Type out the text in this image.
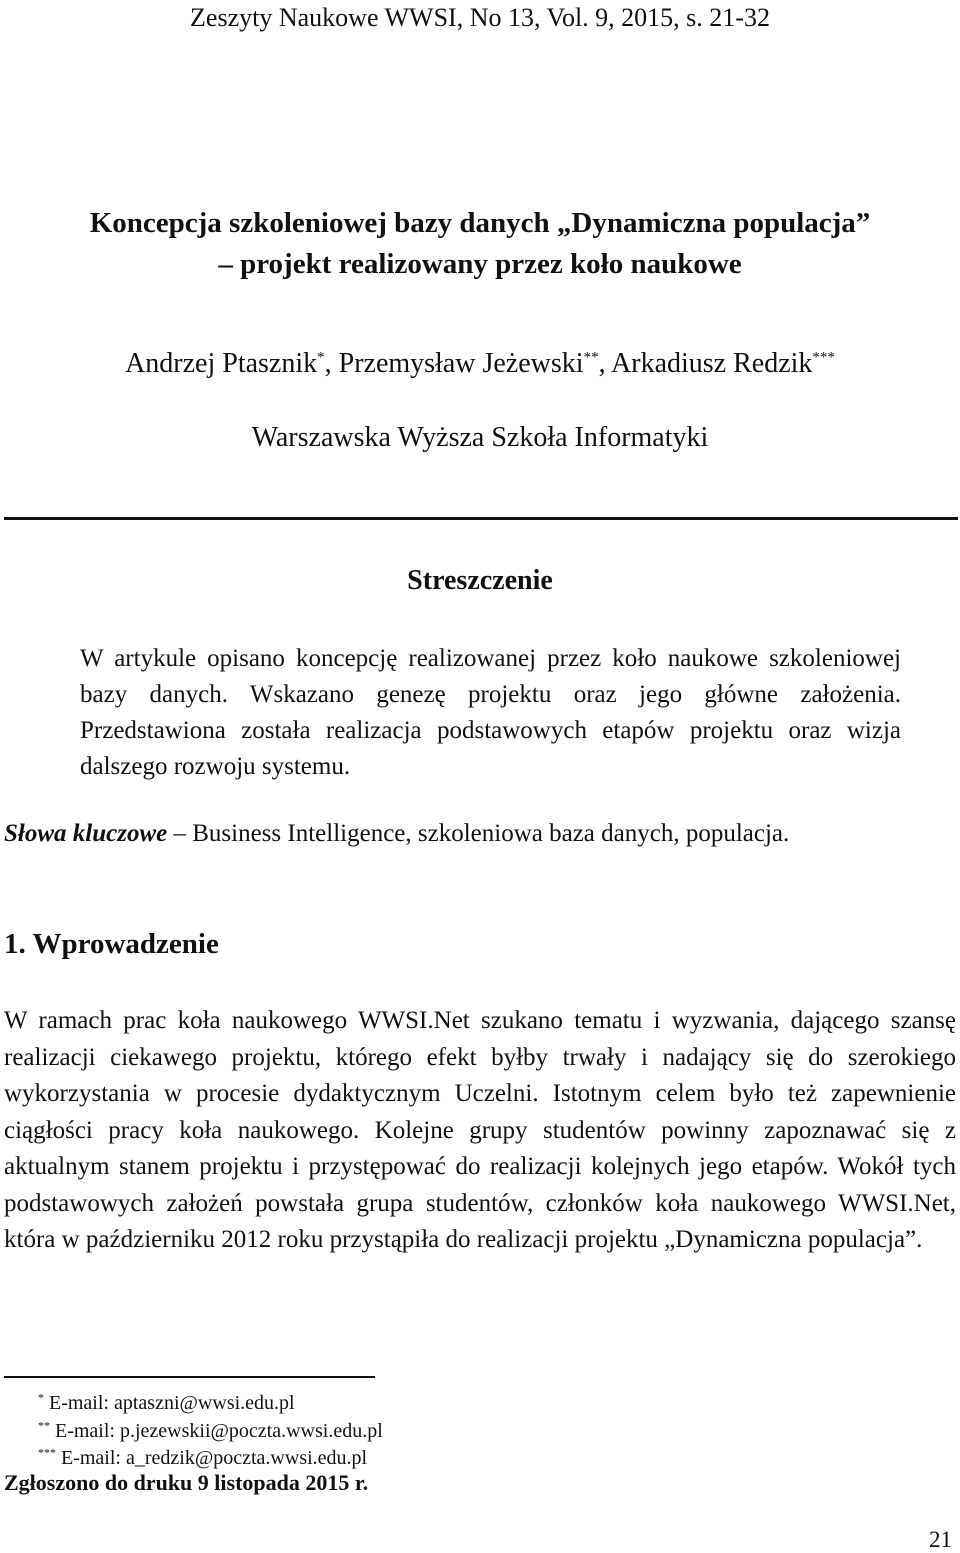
Zeszyty Naukowe WWSI, No 13, Vol. 9, 2015, s. 21-32
Koncepcja szkoleniowej bazy danych „Dynamiczna populacja”
– projekt realizowany przez koło naukowe
Andrzej Ptasznik*, Przemysław Jeżewski**, Arkadiusz Redzik***
Warszawska Wyższa Szkoła Informatyki
Streszczenie
W artykule opisano koncepcję realizowanej przez koło naukowe szkoleniowej bazy danych. Wskazano genezę projektu oraz jego główne założenia. Przedstawiona została realizacja podstawowych etapów projektu oraz wizja dalszego rozwoju systemu.
Słowa kluczowe – Business Intelligence, szkoleniowa baza danych, populacja.
1. Wprowadzenie
W ramach prac koła naukowego WWSI.Net szukano tematu i wyzwania, dającego szansę realizacji ciekawego projektu, którego efekt byłby trwały i nadający się do szerokiego wykorzystania w procesie dydaktycznym Uczelni. Istotnym celem było też zapewnienie ciągłości pracy koła naukowego. Kolejne grupy studentów powinny zapoznawać się z aktualnym stanem projektu i przystępować do realizacji kolejnych jego etapów. Wokół tych podstawowych założeń powstała grupa studentów, członków koła naukowego WWSI.Net, która w październiku 2012 roku przystąpiła do realizacji projektu „Dynamiczna populacja”.
* E-mail: aptaszni@wwsi.edu.pl
** E-mail: p.jezewskii@poczta.wwsi.edu.pl
*** E-mail: a_redzik@poczta.wwsi.edu.pl
Zgłoszono do druku 9 listopada 2015 r.
21
